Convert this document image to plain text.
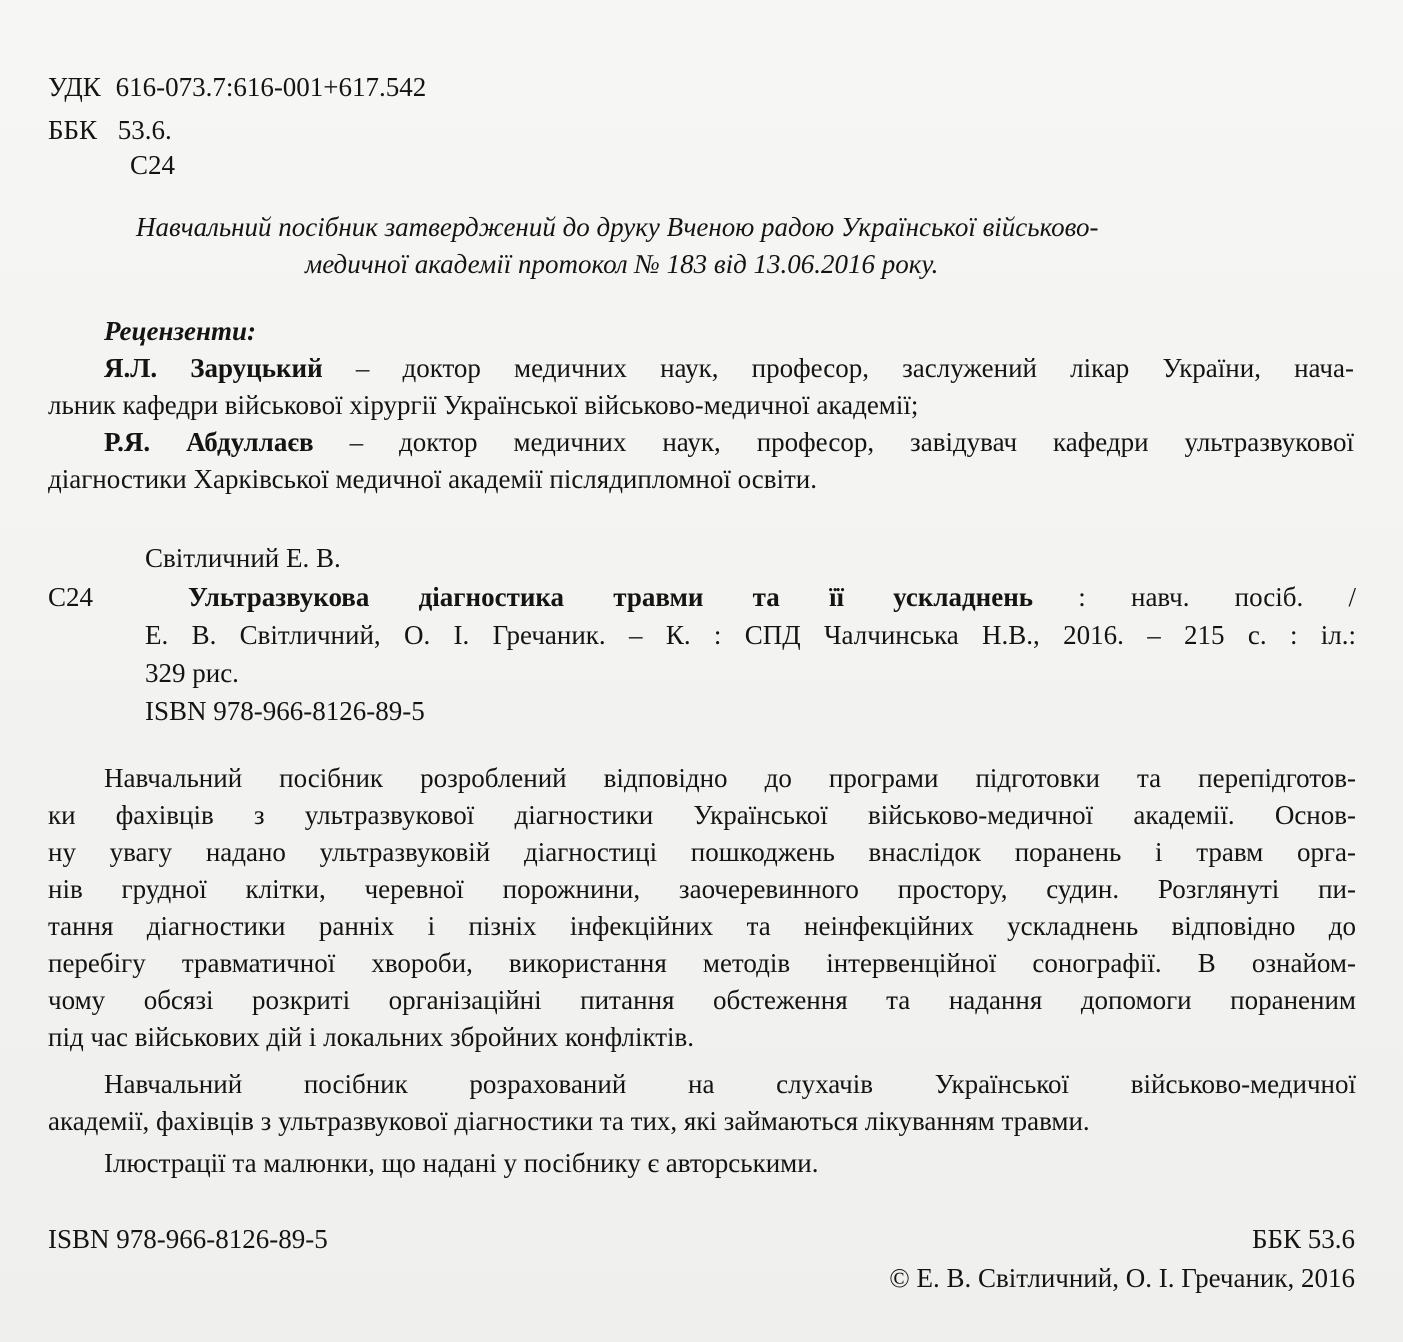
УДК 616-073.7:616-001+617.542
ББК 53.6.
С24
Навчальний посібник затверджений до друку Вченою радою Української військово-
медичної академії протокол № 183 від 13.06.2016 року.
Рецензенти:
Я.Л. Заруцький – доктор медичних наук, професор, заслужений лікар України, нача-
льник кафедри військової хірургії Української військово-медичної академії;
Р.Я. Абдуллаєв – доктор медичних наук, професор, завідувач кафедри ультразвукової
діагностики Харківської медичної академії післядипломної освіти.
Світличний Е. В.
С24	Ультразвукова діагностика травми та її ускладнень : навч. посіб. /
Е. В. Світличний, О. І. Гречаник. – К. : СПД Чалчинська Н.В., 2016. – 215 с. : іл.:
329 рис.
ISBN 978-966-8126-89-5
Навчальний посібник розроблений відповідно до програми підготовки та перепідготов-
ки фахівців з ультразвукової діагностики Української військово-медичної академії. Основ-
ну увагу надано ультразвуковій діагностиці пошкоджень внаслідок поранень і травм орга-
нів грудної клітки, черевної порожнини, заочеревинного простору, судин. Розглянуті пи-
тання діагностики ранніх і пізніх інфекційних та неінфекційних ускладнень відповідно до
перебігу травматичної хвороби, використання методів інтервенційної сонографії. В ознайом-
чому обсязі розкриті організаційні питання обстеження та надання допомоги пораненим
під час військових дій і локальних збройних конфліктів.
Навчальний посібник розрахований на слухачів Української військово-медичної
академії, фахівців з ультразвукової діагностики та тих, які займаються лікуванням травми.
Ілюстрації та малюнки, що надані у посібнику є авторськими.
ISBN 978-966-8126-89-5	ББК 53.6
© Е. В. Світличний, О. І. Гречаник, 2016
